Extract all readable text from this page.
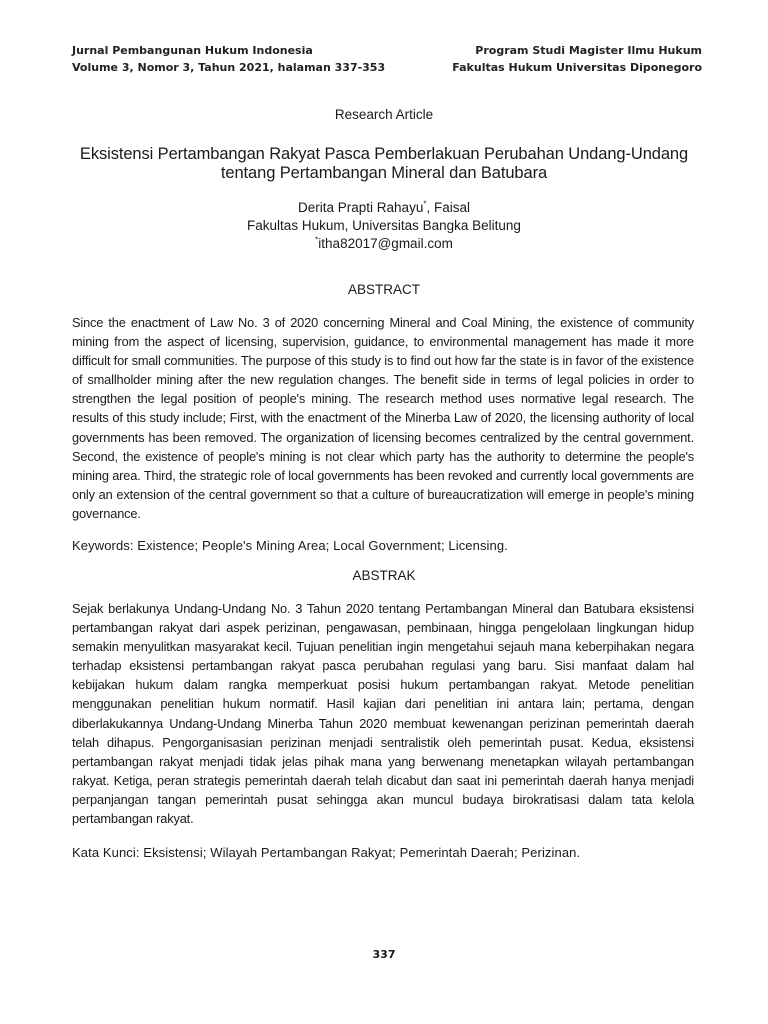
Jurnal Pembangunan Hukum Indonesia
Volume 3, Nomor 3, Tahun 2021, halaman 337-353
Program Studi Magister Ilmu Hukum
Fakultas Hukum Universitas Diponegoro
Research Article
Eksistensi Pertambangan Rakyat Pasca Pemberlakuan Perubahan Undang-Undang
tentang Pertambangan Mineral dan Batubara
Derita Prapti Rahayu*, Faisal
Fakultas Hukum, Universitas Bangka Belitung
*itha82017@gmail.com
ABSTRACT
Since the enactment of Law No. 3 of 2020 concerning Mineral and Coal Mining, the existence of community mining from the aspect of licensing, supervision, guidance, to environmental management has made it more difficult for small communities. The purpose of this study is to find out how far the state is in favor of the existence of smallholder mining after the new regulation changes. The benefit side in terms of legal policies in order to strengthen the legal position of people's mining. The research method uses normative legal research. The results of this study include; First, with the enactment of the Minerba Law of 2020, the licensing authority of local governments has been removed. The organization of licensing becomes centralized by the central government. Second, the existence of people's mining is not clear which party has the authority to determine the people's mining area. Third, the strategic role of local governments has been revoked and currently local governments are only an extension of the central government so that a culture of bureaucratization will emerge in people's mining governance.
Keywords: Existence; People's Mining Area; Local Government; Licensing.
ABSTRAK
Sejak berlakunya Undang-Undang No. 3 Tahun 2020 tentang Pertambangan Mineral dan Batubara eksistensi pertambangan rakyat dari aspek perizinan, pengawasan, pembinaan, hingga pengelolaan lingkungan hidup semakin menyulitkan masyarakat kecil. Tujuan penelitian ingin mengetahui sejauh mana keberpihakan negara terhadap eksistensi pertambangan rakyat pasca perubahan regulasi yang baru. Sisi manfaat dalam hal kebijakan hukum dalam rangka memperkuat posisi hukum pertambangan rakyat. Metode penelitian menggunakan penelitian hukum normatif. Hasil kajian dari penelitian ini antara lain; pertama, dengan diberlakukannya Undang-Undang Minerba Tahun 2020 membuat kewenangan perizinan pemerintah daerah telah dihapus. Pengorganisasian perizinan menjadi sentralistik oleh pemerintah pusat. Kedua, eksistensi pertambangan rakyat menjadi tidak jelas pihak mana yang berwenang menetapkan wilayah pertambangan rakyat. Ketiga, peran strategis pemerintah daerah telah dicabut dan saat ini pemerintah daerah hanya menjadi perpanjangan tangan pemerintah pusat sehingga akan muncul budaya birokratisasi dalam tata kelola pertambangan rakyat.
Kata Kunci: Eksistensi; Wilayah Pertambangan Rakyat; Pemerintah Daerah; Perizinan.
337
